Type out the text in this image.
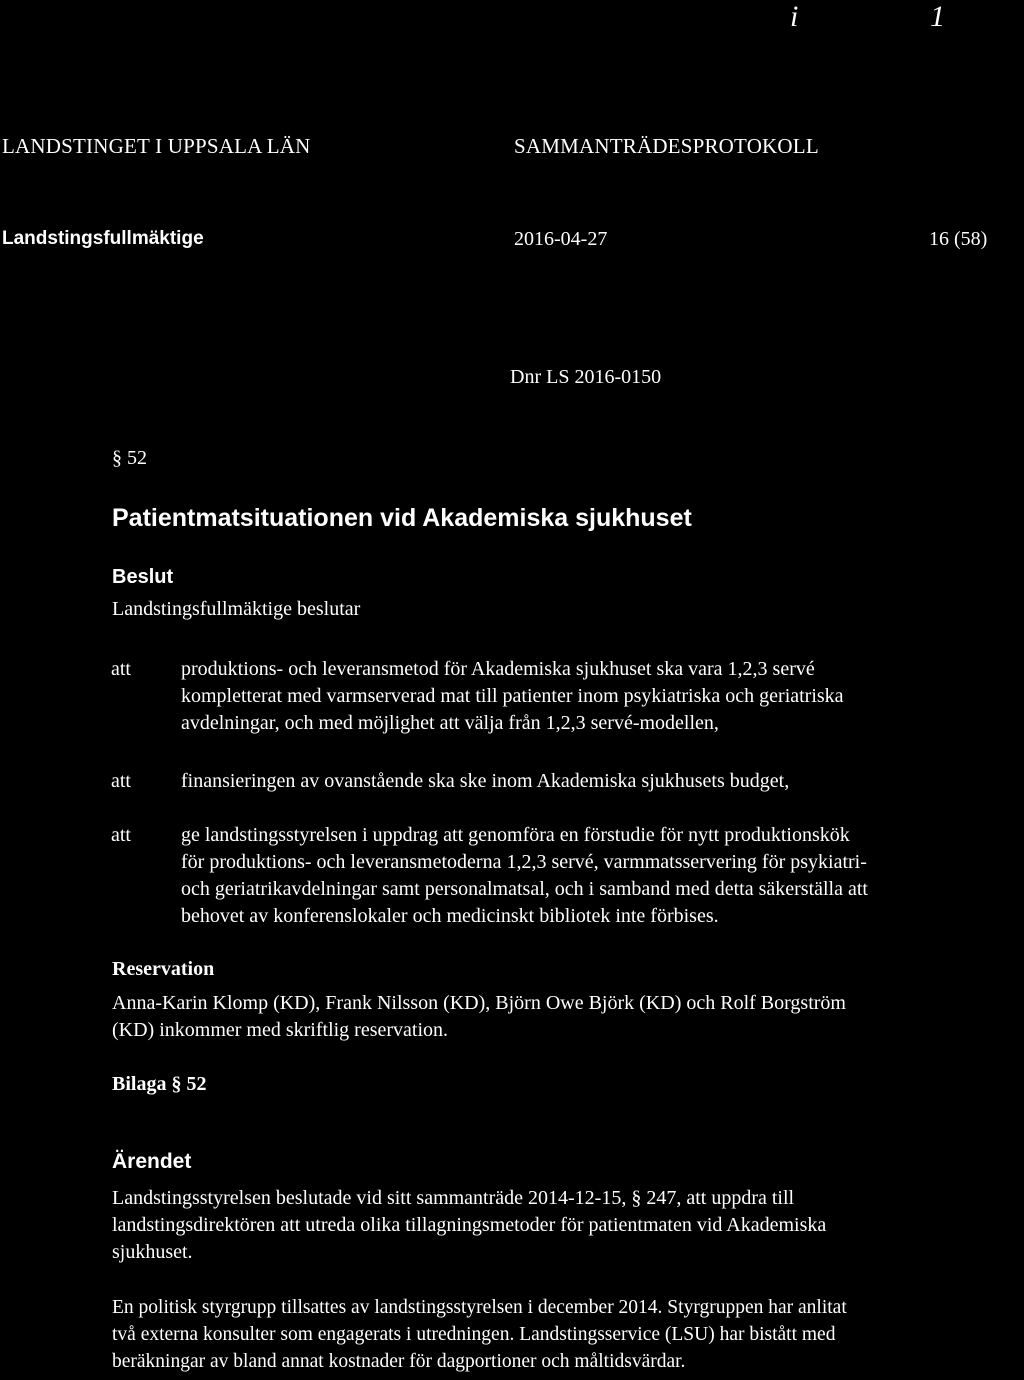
i	1
LANDSTINGET I UPPSALA LÄN	SAMMANTRÄDESPROTOKOLL
Landstingsfullmäktige	2016-04-27	16 (58)
Dnr LS 2016-0150
§ 52
Patientmatsituationen vid Akademiska sjukhuset
Beslut
Landstingsfullmäktige beslutar
att	produktions- och leveransmetod för Akademiska sjukhuset ska vara 1,2,3 servé
kompletterat med varmserverad mat till patienter inom psykiatriska och geriatriska
avdelningar, och med möjlighet att välja från 1,2,3 servé-modellen,
att	finansieringen av ovanstående ska ske inom Akademiska sjukhusets budget,
att	ge landstingsstyrelsen i uppdrag att genomföra en förstudie för nytt produktionskök
för produktions- och leveransmetoderna 1,2,3 servé, varmmatsservering för psykiatri-
och geriatrikavdelningar samt personalmatsal, och i samband med detta säkerställa att
behovet av konferenslokaler och medicinskt bibliotek inte förbises.
Reservation
Anna-Karin Klomp (KD), Frank Nilsson (KD), Björn Owe Björk (KD) och Rolf Borgström
(KD) inkommer med skriftlig reservation.
Bilaga § 52
Ärendet
Landstingsstyrelsen beslutade vid sitt sammanträde 2014-12-15, § 247, att uppdra till
landstingsdirektören att utreda olika tillagningsmetoder för patientmaten vid Akademiska
sjukhuset.
En politisk styrgrupp tillsattes av landstingsstyrelsen i december 2014. Styrgruppen har anlitat
två externa konsulter som engagerats i utredningen. Landstingsservice (LSU) har bistått med
beräkningar av bland annat kostnader för dagportioner och måltidsvärdar.
